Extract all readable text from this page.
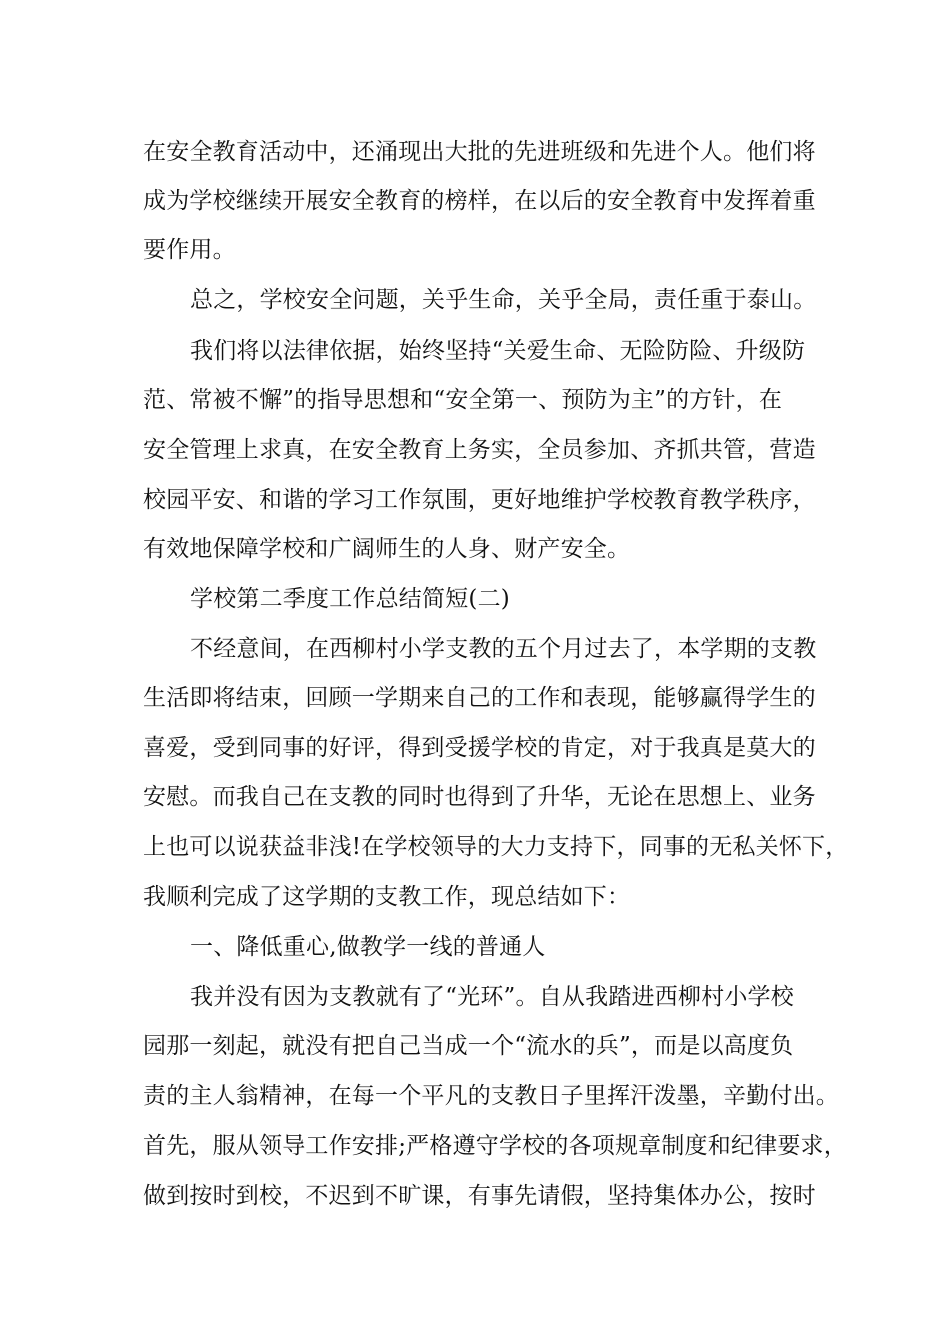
在安全教育活动中，还涌现出大批的先进班级和先进个人。他们将
成为学校继续开展安全教育的榜样，在以后的安全教育中发挥着重
要作用。
总之，学校安全问题，关乎生命，关乎全局，责任重于泰山。
我们将以法律依据，始终坚持“关爱生命、无险防险、升级防
范、常被不懈”的指导思想和“安全第一、预防为主”的方针，在
安全管理上求真，在安全教育上务实，全员参加、齐抓共管，营造
校园平安、和谐的学习工作氛围，更好地维护学校教育教学秩序，
有效地保障学校和广阔师生的人身、财产安全。
学校第二季度工作总结简短(二)
不经意间，在西柳村小学支教的五个月过去了，本学期的支教
生活即将结束，回顾一学期来自己的工作和表现，能够赢得学生的
喜爱，受到同事的好评，得到受援学校的肯定，对于我真是莫大的
安慰。而我自己在支教的同时也得到了升华，无论在思想上、业务
上也可以说获益非浅!在学校领导的大力支持下，同事的无私关怀下，
我顺利完成了这学期的支教工作，现总结如下：
一、降低重心,做教学一线的普通人
我并没有因为支教就有了“光环”。自从我踏进西柳村小学校
园那一刻起，就没有把自己当成一个“流水的兵”，而是以高度负
责的主人翁精神，在每一个平凡的支教日子里挥汗泼墨，辛勤付出。
首先，服从领导工作安排;严格遵守学校的各项规章制度和纪律要求，
做到按时到校，不迟到不旷课，有事先请假，坚持集体办公，按时
